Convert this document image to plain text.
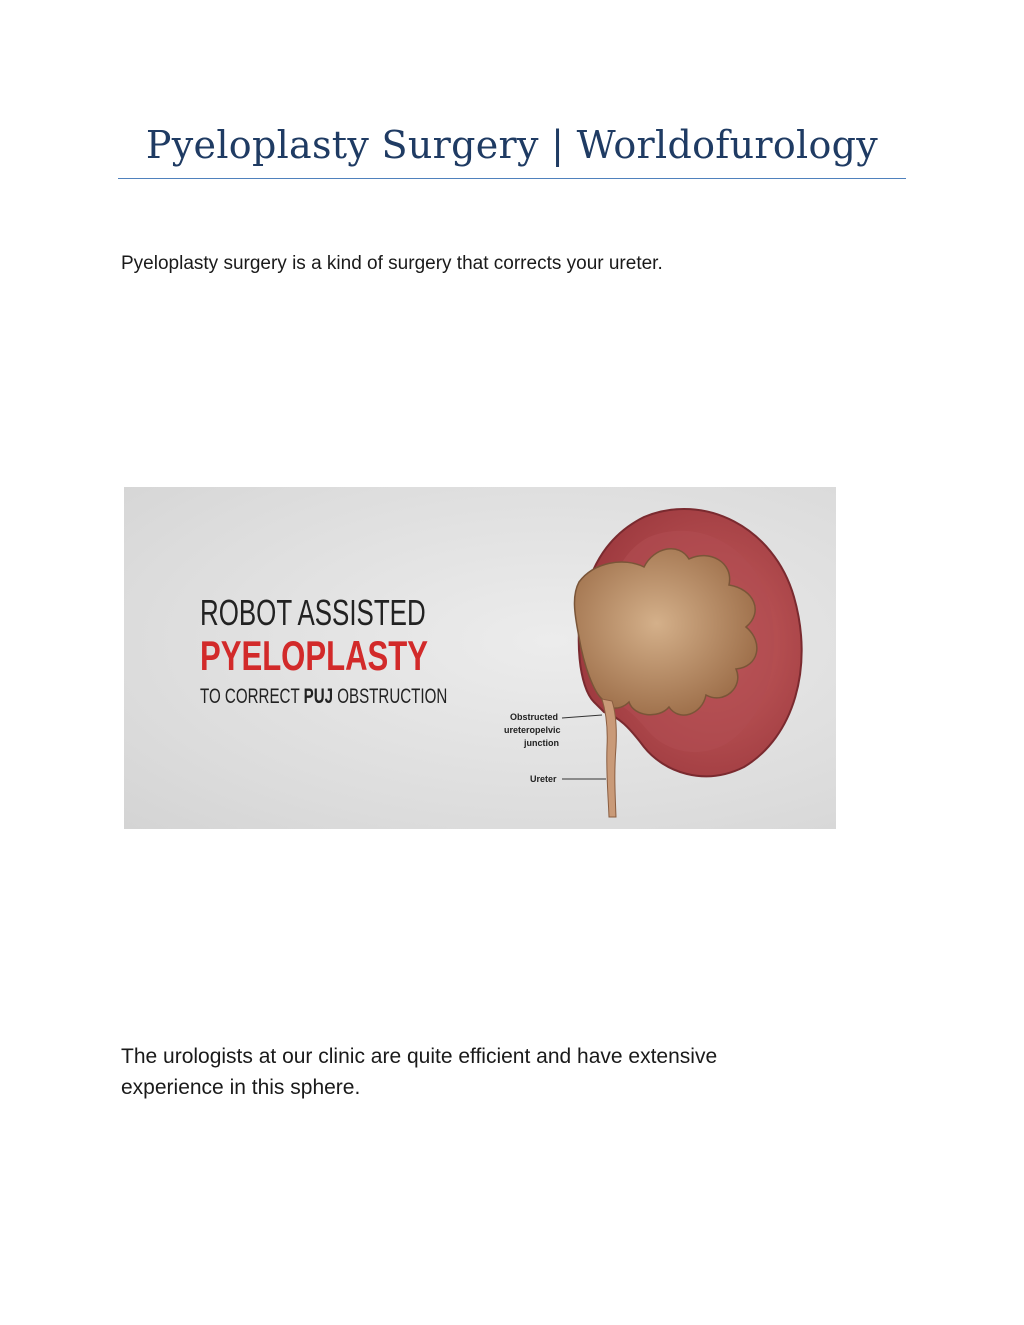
Pyeloplasty Surgery | Worldofurology

Pyeloplasty surgery is a kind of surgery that corrects your ureter.

ROBOT ASSISTED
PYELOPLASTY
TO CORRECT PUJ OBSTRUCTION
Obstructed
ureteropelvic
junction
Ureter

The urologists at our clinic are quite efficient and have extensive experience in this sphere.
